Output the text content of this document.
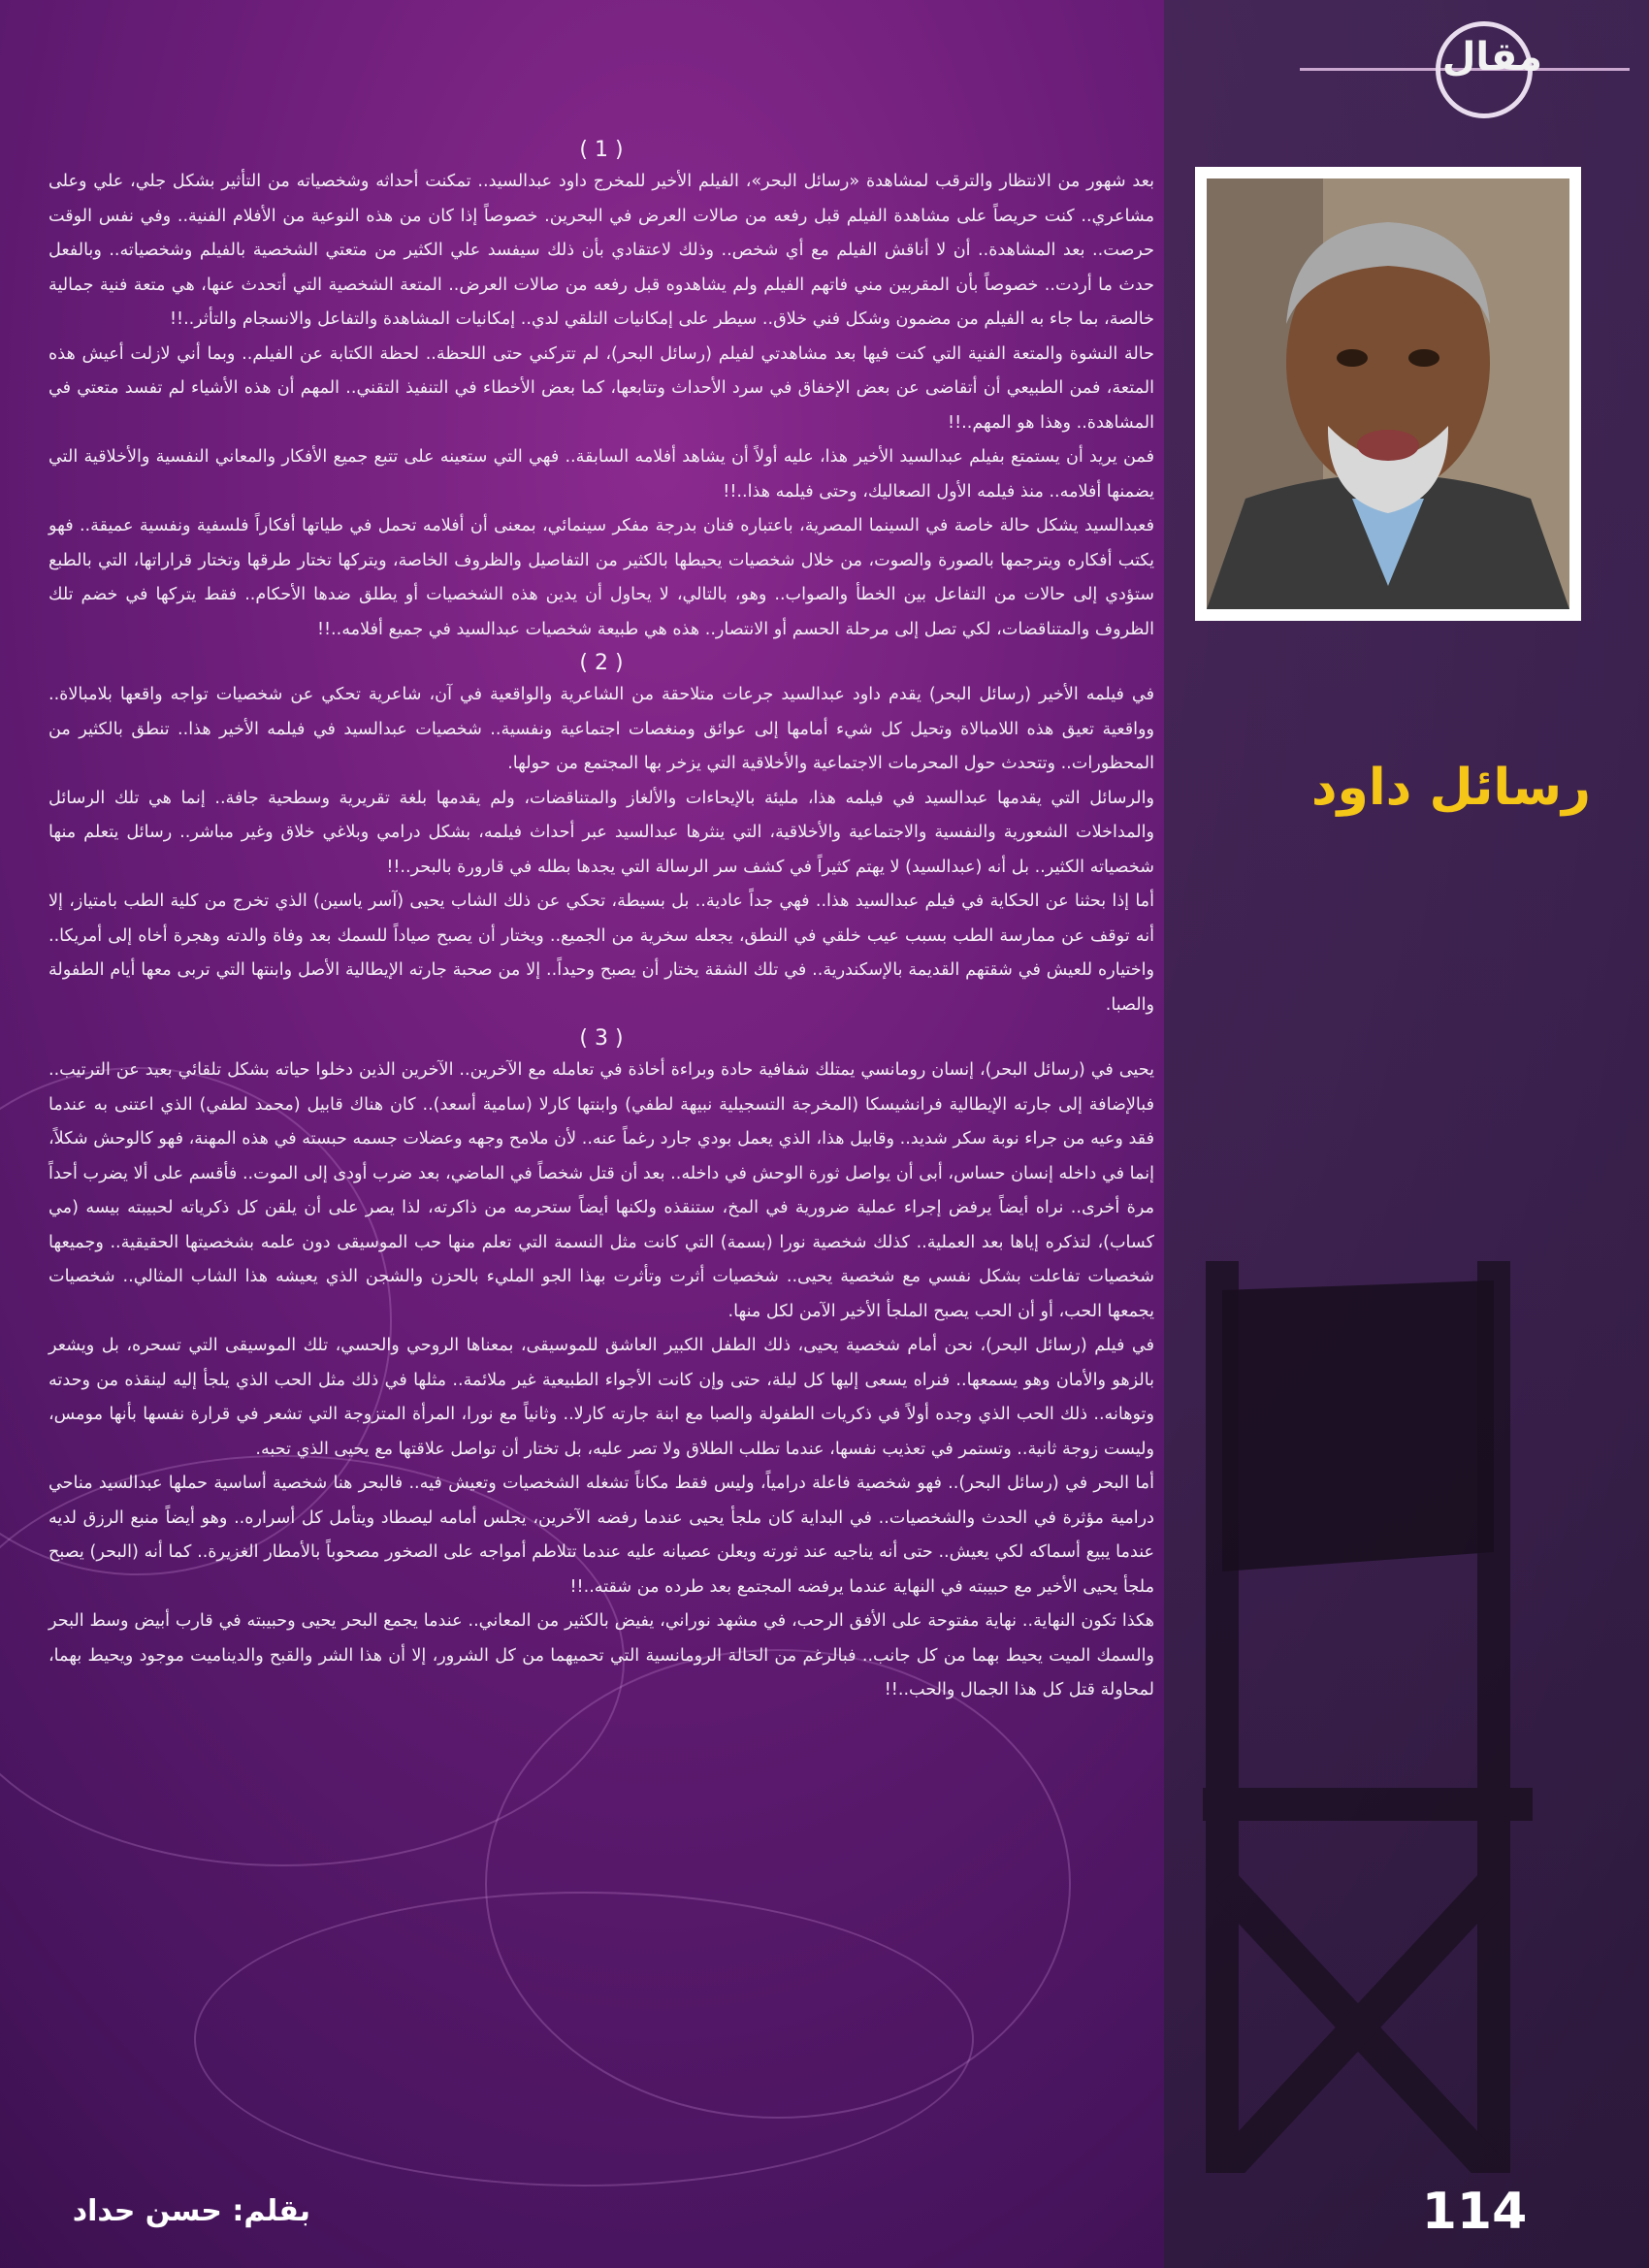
مقال
رسائل داود
( 1 )

بعد شهور من الانتظار والترقب لمشاهدة «رسائل البحر»، الفيلم الأخير للمخرج داود عبدالسيد.. تمكنت أحداثه وشخصياته من التأثير بشكل جلي، علي وعلى مشاعري.. كنت حريصاً على مشاهدة الفيلم قبل رفعه من صالات العرض في البحرين. خصوصاً إذا كان من هذه النوعية من الأفلام الفنية.. وفي نفس الوقت حرصت.. بعد المشاهدة.. أن لا أناقش الفيلم مع أي شخص.. وذلك لاعتقادي بأن ذلك سيفسد علي الكثير من متعتي الشخصية بالفيلم وشخصياته.. وبالفعل حدث ما أردت.. خصوصاً بأن المقربين مني فاتهم الفيلم ولم يشاهدوه قبل رفعه من صالات العرض.. المتعة الشخصية التي أتحدث عنها، هي متعة فنية جمالية خالصة، بما جاء به الفيلم من مضمون وشكل فني خلاق.. سيطر على إمكانيات التلقي لدي.. إمكانيات المشاهدة والتفاعل والانسجام والتأثر..!!

حالة النشوة والمتعة الفنية التي كنت فيها بعد مشاهدتي لفيلم (رسائل البحر)، لم تتركني حتى اللحظة.. لحظة الكتابة عن الفيلم.. وبما أني لازلت أعيش هذه المتعة، فمن الطبيعي أن أتقاضى عن بعض الإخفاق في سرد الأحداث وتتابعها، كما بعض الأخطاء في التنفيذ التقني.. المهم أن هذه الأشياء لم تفسد متعتي في المشاهدة.. وهذا هو المهم..!!

فمن يريد أن يستمتع بفيلم عبدالسيد الأخير هذا، عليه أولاً أن يشاهد أفلامه السابقة.. فهي التي ستعينه على تتبع جميع الأفكار والمعاني النفسية والأخلاقية التي يضمنها أفلامه.. منذ فيلمه الأول الصعاليك، وحتى فيلمه هذا..!!

فعبدالسيد يشكل حالة خاصة في السينما المصرية، باعتباره فنان بدرجة مفكر سينمائي، بمعنى أن أفلامه تحمل في طياتها أفكاراً فلسفية ونفسية عميقة.. فهو يكتب أفكاره ويترجمها بالصورة والصوت، من خلال شخصيات يحيطها بالكثير من التفاصيل والظروف الخاصة، ويتركها تختار طرقها وتختار قراراتها، التي بالطبع ستؤدي إلى حالات من التفاعل بين الخطأ والصواب.. وهو، بالتالي، لا يحاول أن يدين هذه الشخصيات أو يطلق ضدها الأحكام.. فقط يتركها في خضم تلك الظروف والمتناقضات، لكي تصل إلى مرحلة الحسم أو الانتصار.. هذه هي طبيعة شخصيات عبدالسيد في جميع أفلامه..!!

( 2 )

في فيلمه الأخير (رسائل البحر) يقدم داود عبدالسيد جرعات متلاحقة من الشاعرية والواقعية في آن، شاعرية تحكي عن شخصيات تواجه واقعها بلامبالاة.. وواقعية تعيق هذه اللامبالاة وتحيل كل شيء أمامها إلى عوائق ومنغصات اجتماعية ونفسية.. شخصيات عبدالسيد في فيلمه الأخير هذا.. تنطق بالكثير من المحظورات.. وتتحدث حول المحرمات الاجتماعية والأخلاقية التي يزخر بها المجتمع من حولها.

والرسائل التي يقدمها عبدالسيد في فيلمه هذا، مليئة بالإيحاءات والألغاز والمتناقضات، ولم يقدمها بلغة تقريرية وسطحية جافة.. إنما هي تلك الرسائل والمداخلات الشعورية والنفسية والاجتماعية والأخلاقية، التي ينثرها عبدالسيد عبر أحداث فيلمه، بشكل درامي وبلاغي خلاق وغير مباشر.. رسائل يتعلم منها شخصياته الكثير.. بل أنه (عبدالسيد) لا يهتم كثيراً في كشف سر الرسالة التي يجدها بطله في قارورة بالبحر..!!

أما إذا بحثنا عن الحكاية في فيلم عبدالسيد هذا.. فهي جداً عادية.. بل بسيطة، تحكي عن ذلك الشاب يحيى (آسر ياسين) الذي تخرج من كلية الطب بامتياز، إلا أنه توقف عن ممارسة الطب بسبب عيب خلقي في النطق، يجعله سخرية من الجميع.. ويختار أن يصبح صياداً للسمك بعد وفاة والدته وهجرة أخاه إلى أمريكا.. واختياره للعيش في شقتهم القديمة بالإسكندرية.. في تلك الشقة يختار أن يصبح وحيداً.. إلا من صحبة جارته الإيطالية الأصل وابنتها التي تربى معها أيام الطفولة والصبا.

( 3 )

يحيى في (رسائل البحر)، إنسان رومانسي يمتلك شفافية حادة وبراءة أخاذة في تعامله مع الآخرين.. الآخرين الذين دخلوا حياته بشكل تلقائي بعيد عن الترتيب.. فبالإضافة إلى جارته الإيطالية فرانشيسكا (المخرجة التسجيلية نبيهة لطفي) وابنتها كارلا (سامية أسعد).. كان هناك قابيل (محمد لطفي) الذي اعتنى به عندما فقد وعيه من جراء نوبة سكر شديد.. وقابيل هذا، الذي يعمل بودي جارد رغماً عنه.. لأن ملامح وجهه وعضلات جسمه حبسته في هذه المهنة، فهو كالوحش شكلاً، إنما في داخله إنسان حساس، أبى أن يواصل ثورة الوحش في داخله.. بعد أن قتل شخصاً في الماضي، بعد ضرب أودى إلى الموت.. فأقسم على ألا يضرب أحداً مرة أخرى.. نراه أيضاً يرفض إجراء عملية ضرورية في المخ، ستنقذه ولكنها أيضاً ستحرمه من ذاكرته، لذا يصر على أن يلقن كل ذكرياته لحبيبته بيسه (مي كساب)، لتذكره إياها بعد العملية.. كذلك شخصية نورا (بسمة) التي كانت مثل النسمة التي تعلم منها حب الموسيقى دون علمه بشخصيتها الحقيقية.. وجميعها شخصيات تفاعلت بشكل نفسي مع شخصية يحيى.. شخصيات أثرت وتأثرت بهذا الجو المليء بالحزن والشجن الذي يعيشه هذا الشاب المثالي.. شخصيات يجمعها الحب، أو أن الحب يصبح الملجأ الأخير الآمن لكل منها.

في فيلم (رسائل البحر)، نحن أمام شخصية يحيى، ذلك الطفل الكبير العاشق للموسيقى، بمعناها الروحي والحسي، تلك الموسيقى التي تسحره، بل ويشعر بالزهو والأمان وهو يسمعها.. فنراه يسعى إليها كل ليلة، حتى وإن كانت الأجواء الطبيعية غير ملائمة.. مثلها في ذلك مثل الحب الذي يلجأ إليه لينقذه من وحدته وتوهانه.. ذلك الحب الذي وجده أولاً في ذكريات الطفولة والصبا مع ابنة جارته كارلا.. وثانياً مع نورا، المرأة المتزوجة التي تشعر في قرارة نفسها بأنها مومس، وليست زوجة ثانية.. وتستمر في تعذيب نفسها، عندما تطلب الطلاق ولا تصر عليه، بل تختار أن تواصل علاقتها مع يحيى الذي تحبه.

أما البحر في (رسائل البحر).. فهو شخصية فاعلة درامياً، وليس فقط مكاناً تشغله الشخصيات وتعيش فيه.. فالبحر هنا شخصية أساسية حملها عبدالسيد مناحي درامية مؤثرة في الحدث والشخصيات.. في البداية كان ملجأ يحيى عندما رفضه الآخرين، يجلس أمامه ليصطاد ويتأمل كل أسراره.. وهو أيضاً منبع الرزق لديه عندما يبيع أسماكه لكي يعيش.. حتى أنه يناجيه عند ثورته ويعلن عصيانه عليه عندما تتلاطم أمواجه على الصخور مصحوباً بالأمطار الغزيرة.. كما أنه (البحر) يصبح ملجأ يحيى الأخير مع حبيبته في النهاية عندما يرفضه المجتمع بعد طرده من شقته..!!

هكذا تكون النهاية.. نهاية مفتوحة على الأفق الرحب، في مشهد نوراني، يفيض بالكثير من المعاني.. عندما يجمع البحر يحيى وحبيبته في قارب أبيض وسط البحر والسمك الميت يحيط بهما من كل جانب.. فبالرغم من الحالة الرومانسية التي تحميهما من كل الشرور، إلا أن هذا الشر والقبح والديناميت موجود ويحيط بهما، لمحاولة قتل كل هذا الجمال والحب..!!

114
بقلم: حسن حداد
